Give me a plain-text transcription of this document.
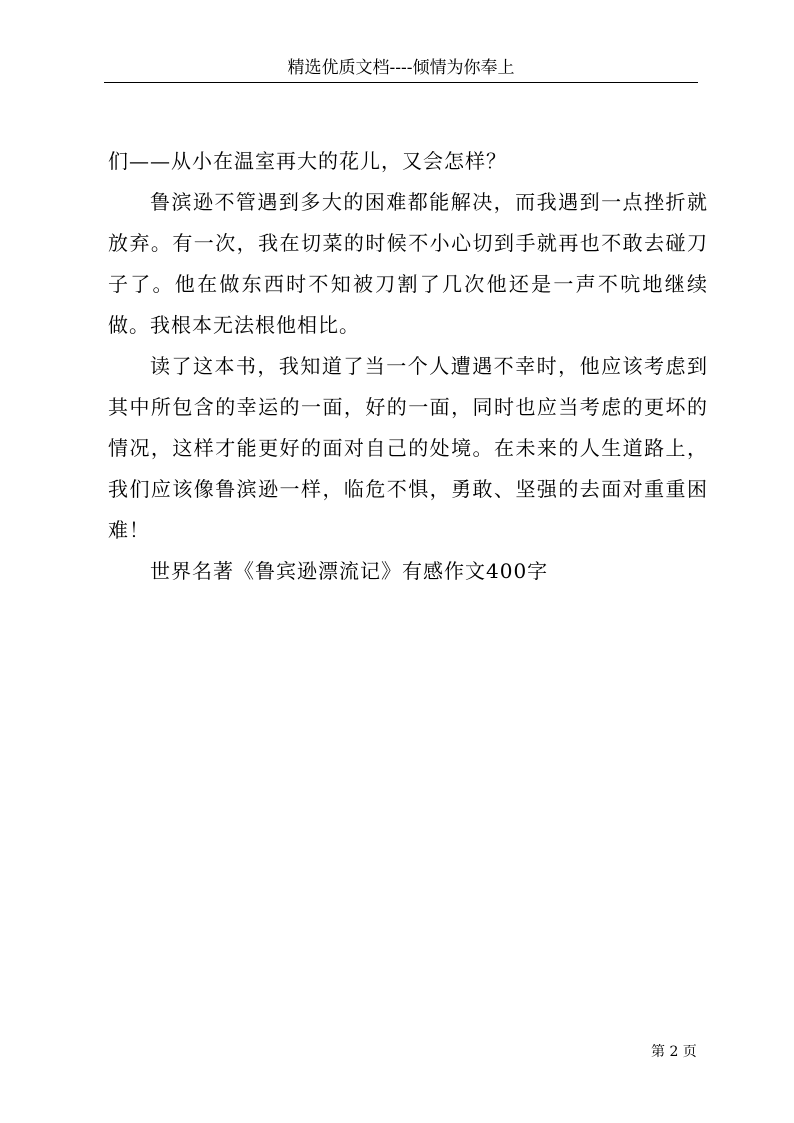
精选优质文档----倾情为你奉上

们——从小在温室再大的花儿，又会怎样？

鲁滨逊不管遇到多大的困难都能解决，而我遇到一点挫折就放弃。有一次，我在切菜的时候不小心切到手就再也不敢去碰刀子了。他在做东西时不知被刀割了几次他还是一声不吭地继续做。我根本无法根他相比。

读了这本书，我知道了当一个人遭遇不幸时，他应该考虑到其中所包含的幸运的一面，好的一面，同时也应当考虑的更坏的情况，这样才能更好的面对自己的处境。在未来的人生道路上，我们应该像鲁滨逊一样，临危不惧，勇敢、坚强的去面对重重困难！

世界名著《鲁宾逊漂流记》有感作文400字

第 2 页
